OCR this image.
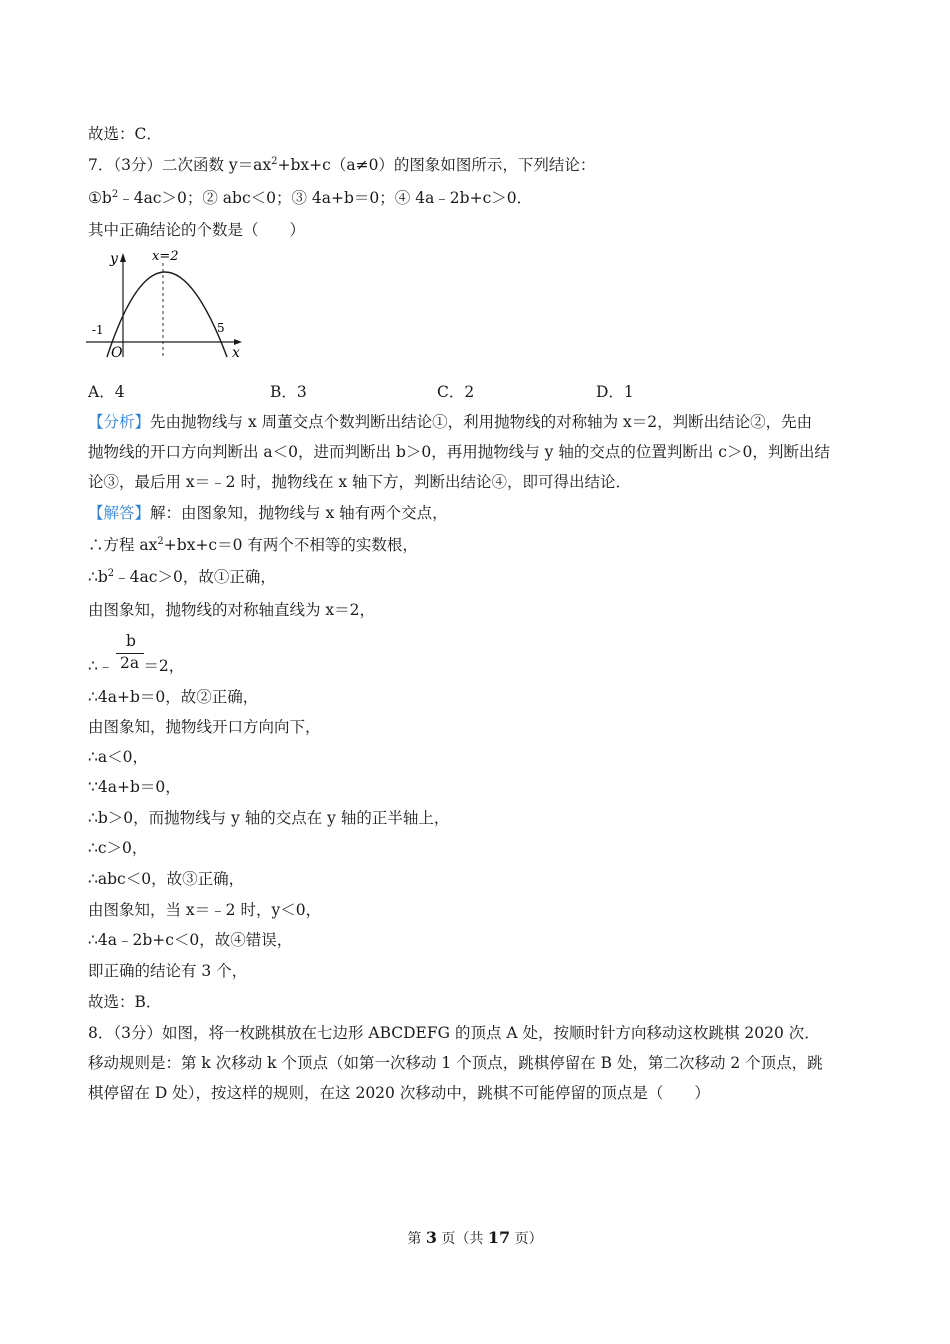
故选：C．
7．（3分）二次函数 $y=ax^2+bx+c(a\ne 0)$的图象如图所示，下列结论：
$①b^2﹣4ac>0$；② abc＜0；③ 4a+b＝0；④ 4a﹣2b+c＞0．
其中正确结论的个数是（　　）
y	x=2
-1	5
O	x
A．4	B．3	C．2	D．1
【分析】先由抛物线与 x 周董交点个数判断出结论①，利用抛物线的对称轴为 x＝2，判断出结论②，先由
抛物线的开口方向判断出 a＜0，进而判断出 b＞0，再用抛物线与 y 轴的交点的位置判断出 c＞0，判断出结
论③，最后用 x＝﹣2 时，抛物线在 x 轴下方，判断出结论④，即可得出结论．
【解答】解：由图象知，抛物线与 x 轴有两个交点，
∴方程 $ax^2+bx+c=0$ 有两个不相等的实数根，
$\therefore b^2﹣4ac>0$，故①正确，
由图象知，抛物线的对称轴直线为 x＝2，
∴﹣ ＝2，
b
2a
∴4a+b＝0，故②正确，
由图象知，抛物线开口方向向下，
∴a＜0，
∵4a+b＝0，
∴b＞0，而抛物线与 y 轴的交点在 y 轴的正半轴上，
∴c＞0，
∴abc＜0，故③正确，
由图象知，当 x＝﹣2 时，y＜0，
∴4a﹣2b+c＜0，故④错误，
即正确的结论有 3 个，
故选：B．
8．（3分）如图，将一枚跳棋放在七边形 ABCDEFG 的顶点 A 处，按顺时针方向移动这枚跳棋 2020 次．
移动规则是：第 k 次移动 k 个顶点（如第一次移动 1 个顶点，跳棋停留在 B 处，第二次移动 2 个顶点，跳
棋停留在 D 处），按这样的规则，在这 2020 次移动中，跳棋不可能停留的顶点是（　　）
第 3 页（共 17 页）
